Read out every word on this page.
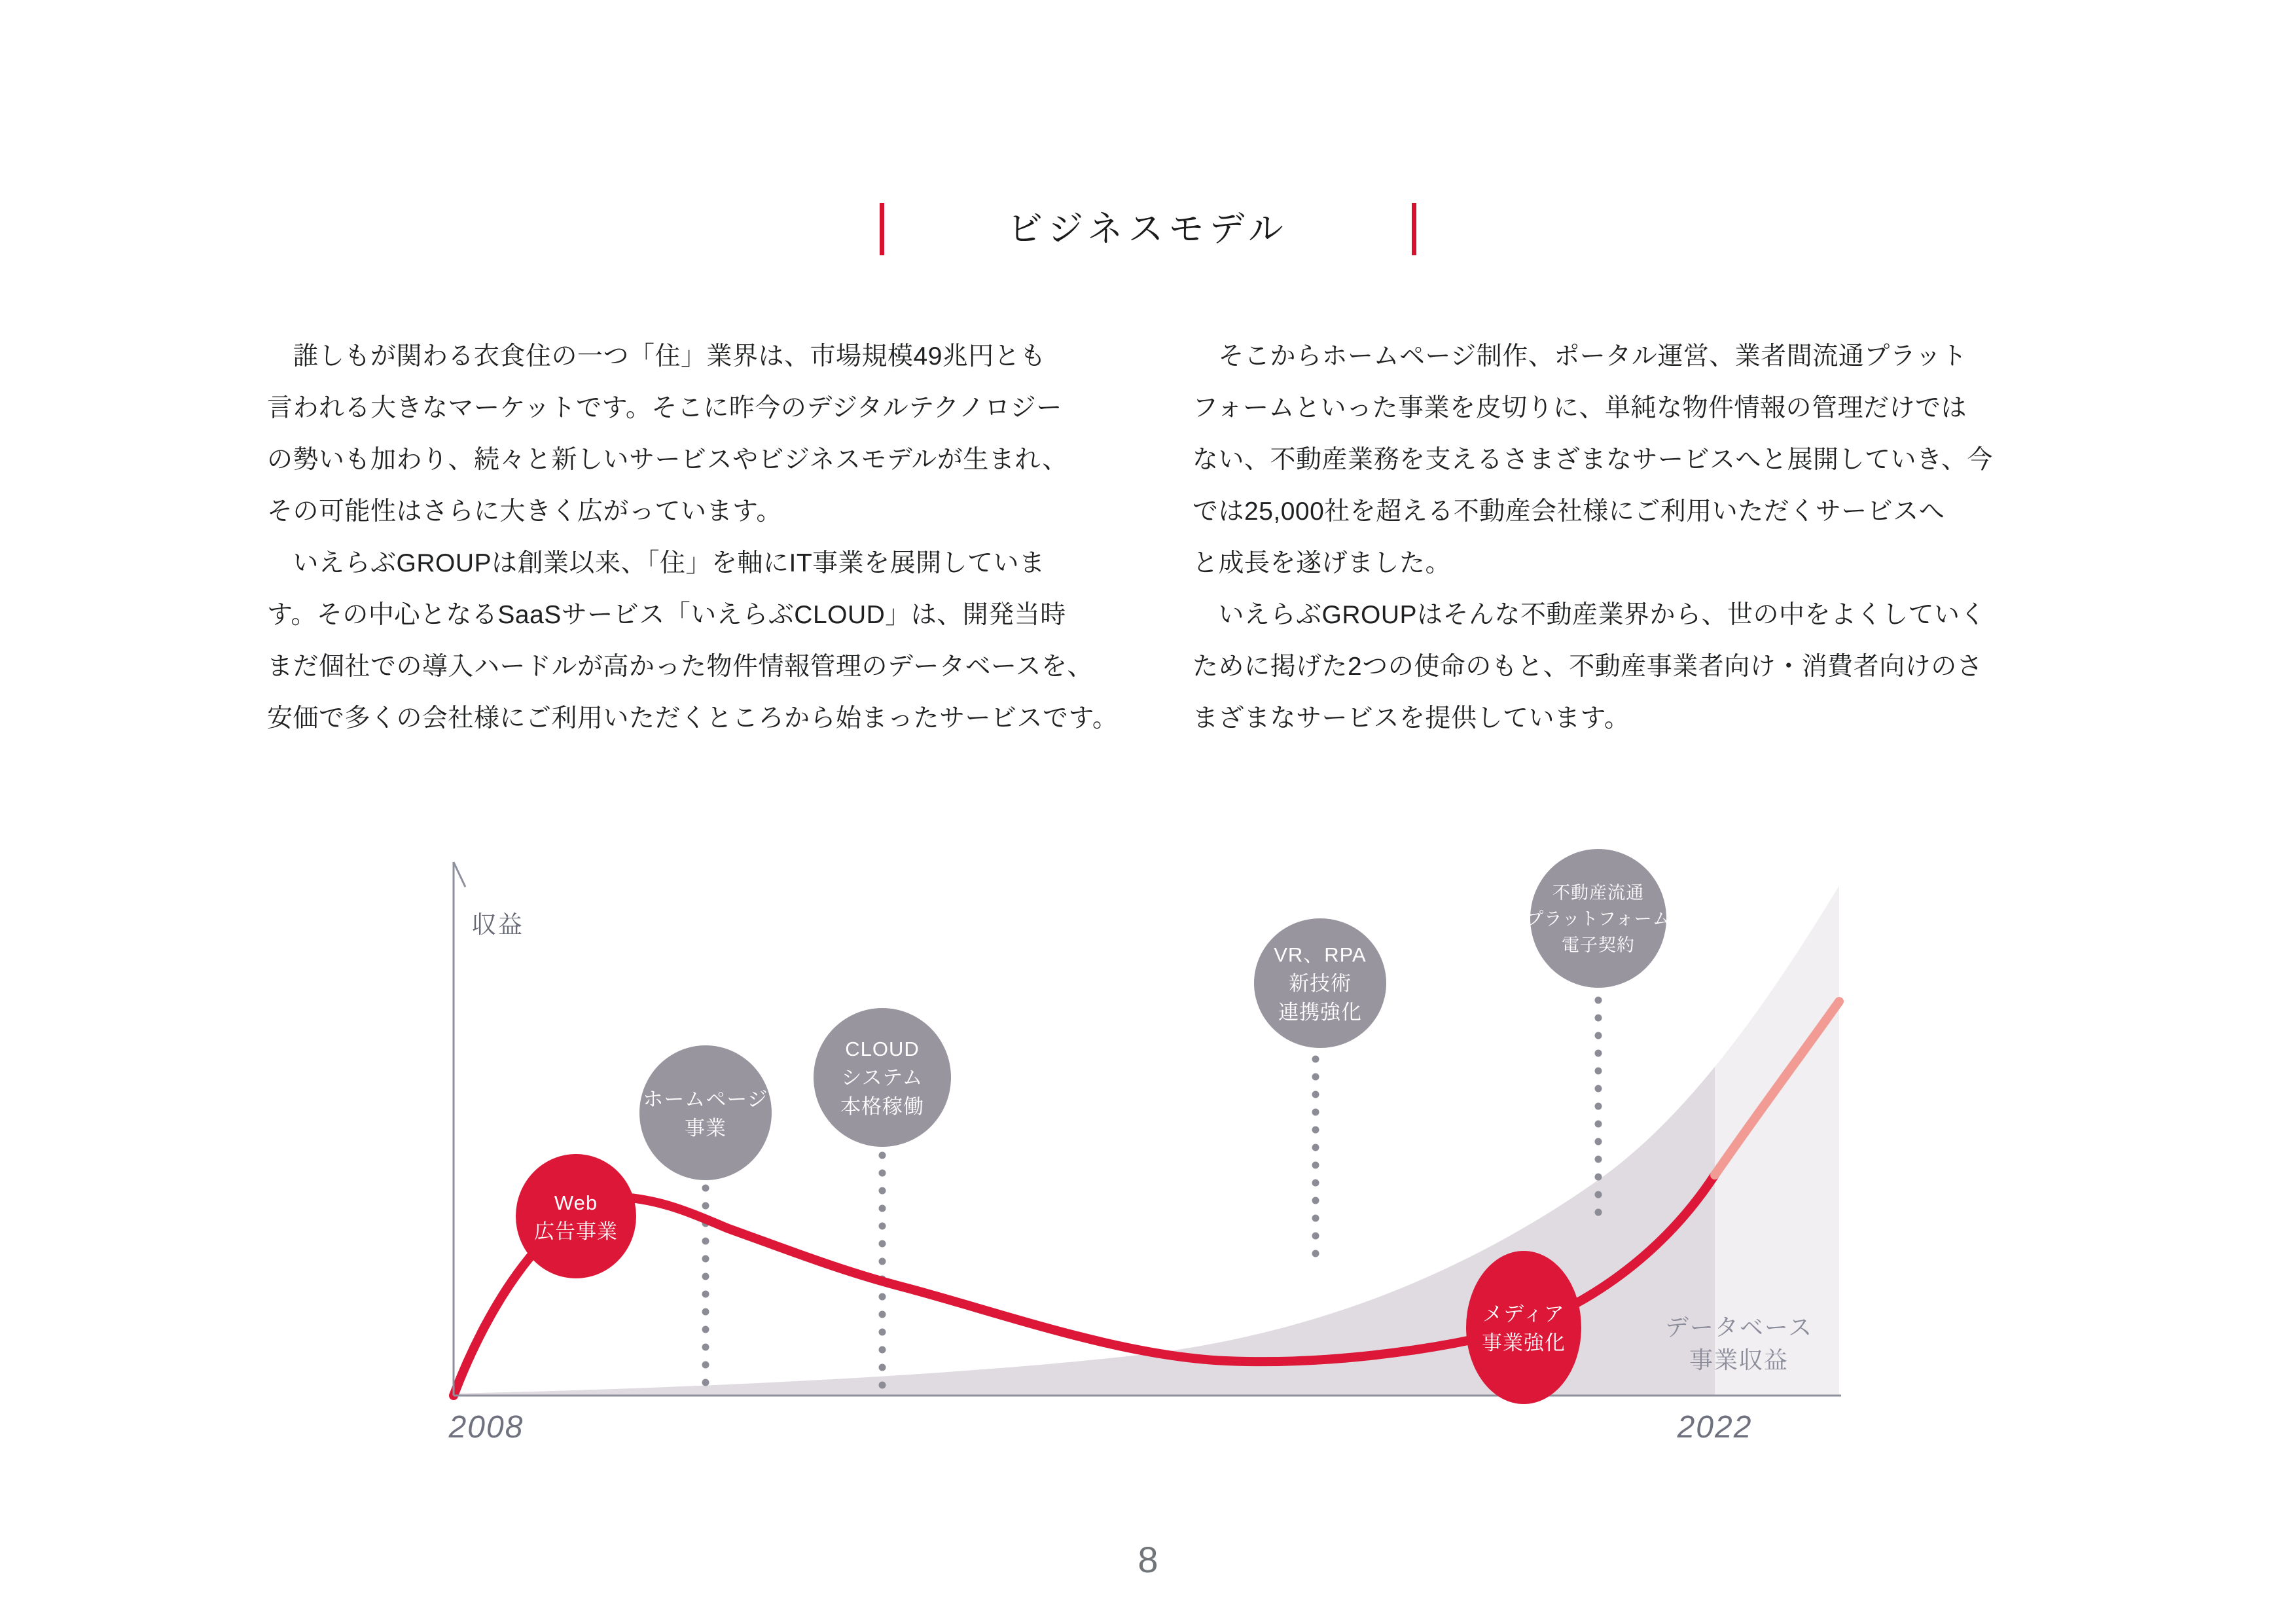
ビジネスモデル
　誰しもが関わる衣食住の一つ「住」業界は、市場規模49兆円とも
言われる大きなマーケットです。そこに昨今のデジタルテクノロジー
の勢いも加わり、続々と新しいサービスやビジネスモデルが生まれ、
その可能性はさらに大きく広がっています。
　いえらぶGROUPは創業以来、「住」を軸にIT事業を展開していま
す。その中心となるSaaSサービス「いえらぶCLOUD」は、開発当時
まだ個社での導入ハードルが高かった物件情報管理のデータベースを、
安価で多くの会社様にご利用いただくところから始まったサービスです。
　そこからホームページ制作、ポータル運営、業者間流通プラット
フォームといった事業を皮切りに、単純な物件情報の管理だけでは
ない、不動産業務を支えるさまざまなサービスへと展開していき、今
では25,000社を超える不動産会社様にご利用いただくサービスへ
と成長を遂げました。
　いえらぶGROUPはそんな不動産業界から、世の中をよくしていく
ために掲げた2つの使命のもと、不動産事業者向け・消費者向けのさ
まざまなサービスを提供しています。
Web
広告事業
ホームページ
事業
CLOUD
システム
本格稼働
VR、RPA
新技術
連携強化
不動産流通
プラットフォーム
電子契約
メディア
事業強化
収益
データベース
事業収益
2008	2022
8
